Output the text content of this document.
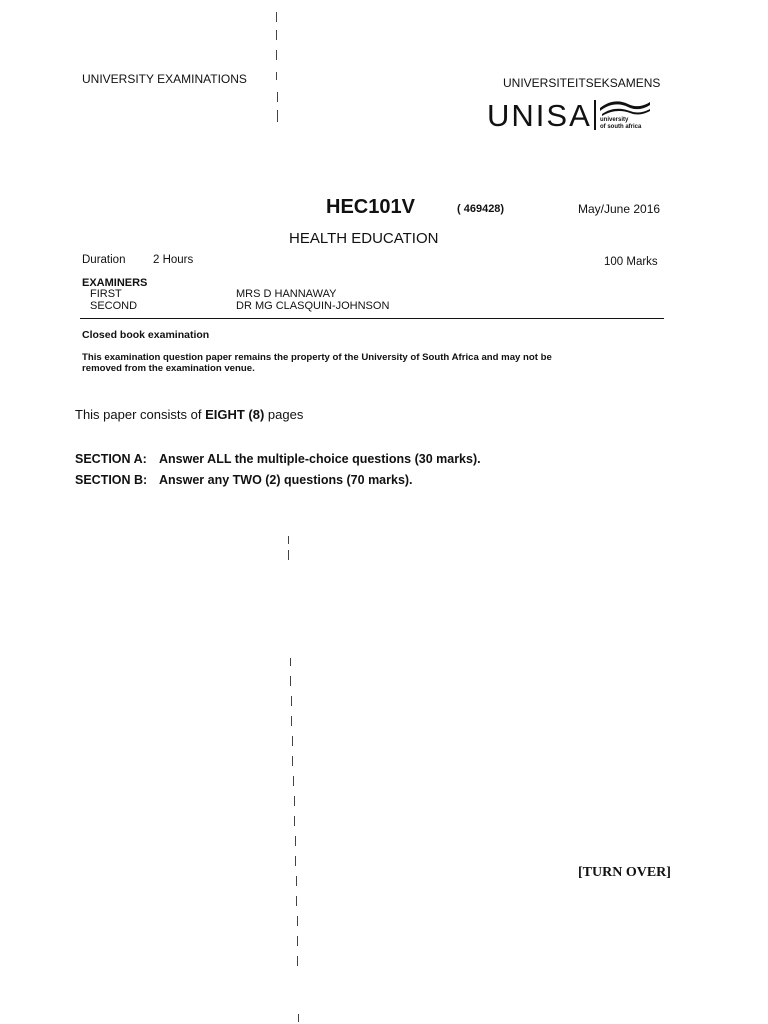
UNIVERSITY EXAMINATIONS	UNIVERSITEITSEKSAMENS
UNISA university
of south africa
HEC101V	( 469428)	May/June 2016
HEALTH EDUCATION
Duration 2 Hours	100 Marks
EXAMINERS
FIRST	MRS D HANNAWAY
SECOND	DR MG CLASQUIN-JOHNSON
Closed book examination
This examination question paper remains the property of the University of South Africa and may not be
removed from the examination venue.
This paper consists of EIGHT (8) pages
SECTION A: Answer ALL the multiple-choice questions (30 marks).
SECTION B: Answer any TWO (2) questions (70 marks).
[TURN OVER]
